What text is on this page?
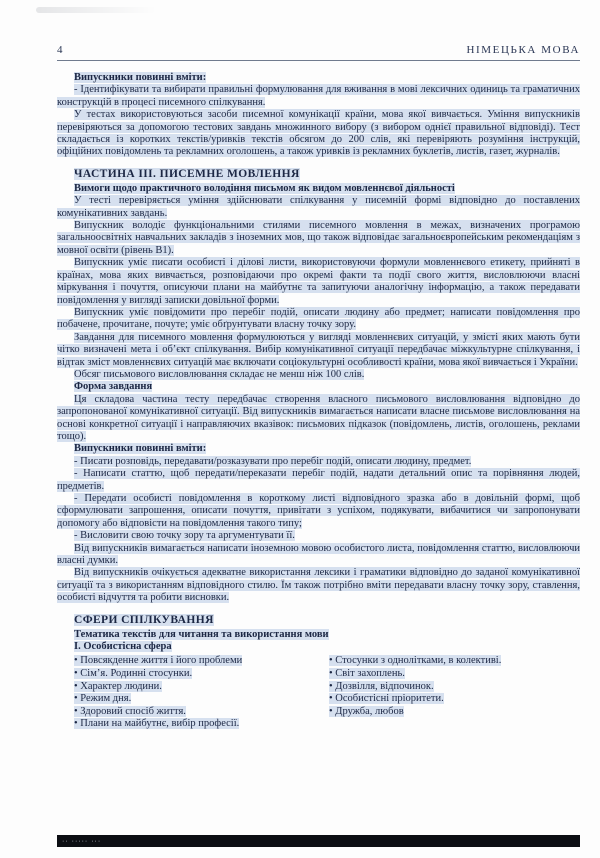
4	НІМЕЦЬКА МОВА

Випускники повинні вміти:

- Ідентифікувати та вибирати правильні формулювання для вживання в мові лексичних одиниць та граматичних конструкцій в процесі писемного спілкування.

У тестах використовуються засоби писемної комунікації країни, мова якої вивчається. Уміння випускників перевіряються за допомогою тестових завдань множинного вибору (з вибором однієї правильної відповіді). Тест складається із коротких текстів/уривків текстів обсягом до 200 слів, які перевіряють розуміння інструкцій, офіційних повідомлень та рекламних оголошень, а також уривків із рекламних буклетів, листів, газет, журналів.

ЧАСТИНА ІІІ. ПИСЕМНЕ МОВЛЕННЯ
Вимоги щодо практичного володіння письмом як видом мовленнєвої діяльності

У тесті перевіряється уміння здійснювати спілкування у писемній формі відповідно до поставлених комунікативних завдань.

Випускник володіє функціональними стилями писемного мовлення в межах, визначених програмою загальноосвітніх навчальних закладів з іноземних мов, що також відповідає загальноєвропейським рекомендаціям з мовної освіти (рівень В1).

Випускник уміє писати особисті і ділові листи, використовуючи формули мовленнєвого етикету, прийняті в країнах, мова яких вивчається, розповідаючи про окремі факти та події свого життя, висловлюючи власні міркування і почуття, описуючи плани на майбутнє та запитуючи аналогічну інформацію, а також передавати повідомлення у вигляді записки довільної форми.

Випускник уміє повідомити про перебіг подій, описати людину або предмет; написати повідомлення про побачене, прочитане, почуте; уміє обґрунтувати власну точку зору.

Завдання для писемного мовлення формулюються у вигляді мовленнєвих ситуацій, у змісті яких мають бути чітко визначені мета і об’єкт спілкування. Вибір комунікативної ситуації передбачає міжкультурне спілкування, і відтак зміст мовленнєвих ситуацій має включати соціокультурні особливості країни, мова якої вивчається і України.

Обсяг письмового висловлювання складає не менш ніж 100 слів.

Форма завдання

Ця складова частина тесту передбачає створення власного письмового висловлювання відповідно до запропонованої комунікативної ситуації. Від випускників вимагається написати власне письмове висловлювання на основі конкретної ситуації і направляючих вказівок: письмових підказок (повідомлень, листів, оголошень, реклами тощо).

Випускники повинні вміти:

- Писати розповідь, передавати/розказувати про перебіг подій, описати людину, предмет.

- Написати статтю, щоб передати/переказати перебіг подій, надати детальний опис та порівняння людей, предметів.

- Передати особисті повідомлення в короткому листі відповідного зразка або в довільній формі, щоб сформулювати запрошення, описати почуття, привітати з успіхом, подякувати, вибачитися чи запропонувати допомогу або відповісти на повідомлення такого типу;

- Висловити свою точку зору та аргументувати її.

Від випускників вимагається написати іноземною мовою особистого листа, повідомлення статтю, висловлюючи власні думки.

Від випускників очікується адекватне використання лексики і граматики відповідно до заданої комунікативної ситуації та з використанням відповідного стилю. Їм також потрібно вміти передавати власну точку зору, ставлення, особисті відчуття та робити висновки.

СФЕРИ СПІЛКУВАННЯ
Тематика текстів для читання та використання мови
І. Особистісна сфера
• Повсякденне життя і його проблеми
• Сім’я. Родинні стосунки.
• Характер людини.
• Режим дня.
• Здоровий спосіб життя.
• Плани на майбутнє, вибір професії.
• Стосунки з однолітками, в колективі.
• Світ захоплень.
• Дозвілля, відпочинок.
• Особистісні пріоритети.
• Дружба, любов
·· ····· ···
